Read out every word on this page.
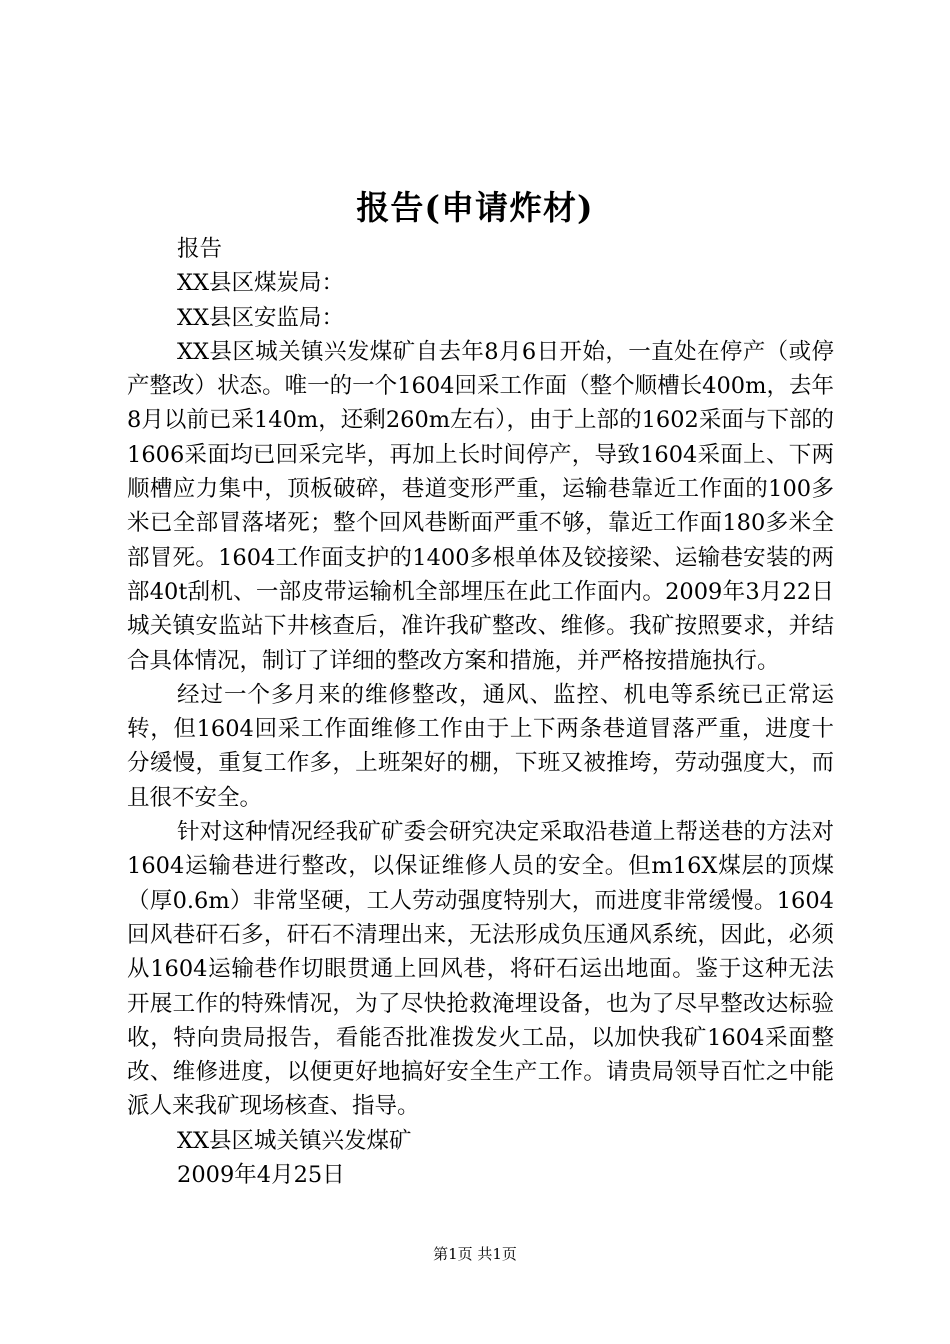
报告(申请炸材)

报告

XX县区煤炭局：

XX县区安监局：

XX县区城关镇兴发煤矿自去年8月6日开始，一直处在停产（或停产整改）状态。唯一的一个1604回采工作面（整个顺槽长400m，去年8月以前已采140m，还剩260m左右），由于上部的1602采面与下部的1606采面均已回采完毕，再加上长时间停产，导致1604采面上、下两顺槽应力集中，顶板破碎，巷道变形严重，运输巷靠近工作面的100多米已全部冒落堵死；整个回风巷断面严重不够，靠近工作面180多米全部冒死。1604工作面支护的1400多根单体及铰接梁、运输巷安装的两部40t刮机、一部皮带运输机全部埋压在此工作面内。2009年3月22日城关镇安监站下井核查后，准许我矿整改、维修。我矿按照要求，并结合具体情况，制订了详细的整改方案和措施，并严格按措施执行。

经过一个多月来的维修整改，通风、监控、机电等系统已正常运转，但1604回采工作面维修工作由于上下两条巷道冒落严重，进度十分缓慢，重复工作多，上班架好的棚，下班又被推垮，劳动强度大，而且很不安全。

针对这种情况经我矿矿委会研究决定采取沿巷道上帮送巷的方法对1604运输巷进行整改，以保证维修人员的安全。但m16X煤层的顶煤（厚0.6m）非常坚硬，工人劳动强度特别大，而进度非常缓慢。1604回风巷矸石多，矸石不清理出来，无法形成负压通风系统，因此，必须从1604运输巷作切眼贯通上回风巷，将矸石运出地面。鉴于这种无法开展工作的特殊情况，为了尽快抢救淹埋设备，也为了尽早整改达标验收，特向贵局报告，看能否批准拨发火工品，以加快我矿1604采面整改、维修进度，以便更好地搞好安全生产工作。请贵局领导百忙之中能派人来我矿现场核查、指导。

XX县区城关镇兴发煤矿

2009年4月25日

第1页 共1页
